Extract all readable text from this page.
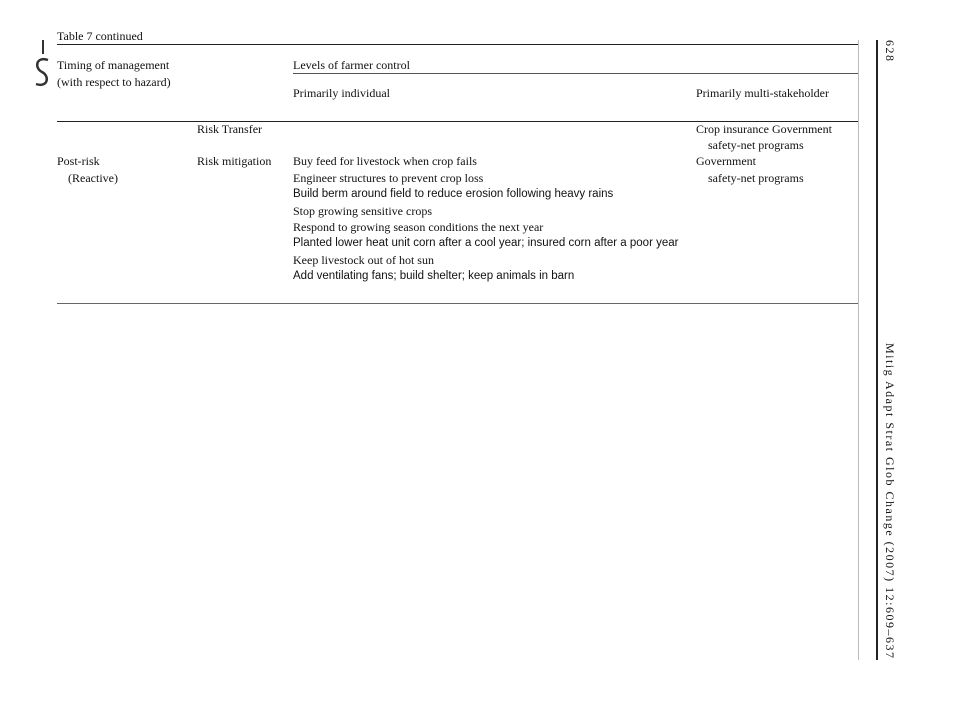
Table 7 continued
Timing of management
(with respect to hazard)
Levels of farmer control
Primarily individual	Primarily multi-stakeholder
Risk Transfer	Crop insurance Government
safety-net programs
Post-risk
(Reactive)
Risk mitigation Buy feed for livestock when crop fails
Engineer structures to prevent crop loss
Build berm around field to reduce erosion following heavy rains
Stop growing sensitive crops
Respond to growing season conditions the next year
Planted lower heat unit corn after a cool year; insured corn after a poor year
Keep livestock out of hot sun
Add ventilating fans; build shelter; keep animals in barn
Government
safety-net programs
628
Mitig Adapt Strat Glob Change (2007) 12:609–637
